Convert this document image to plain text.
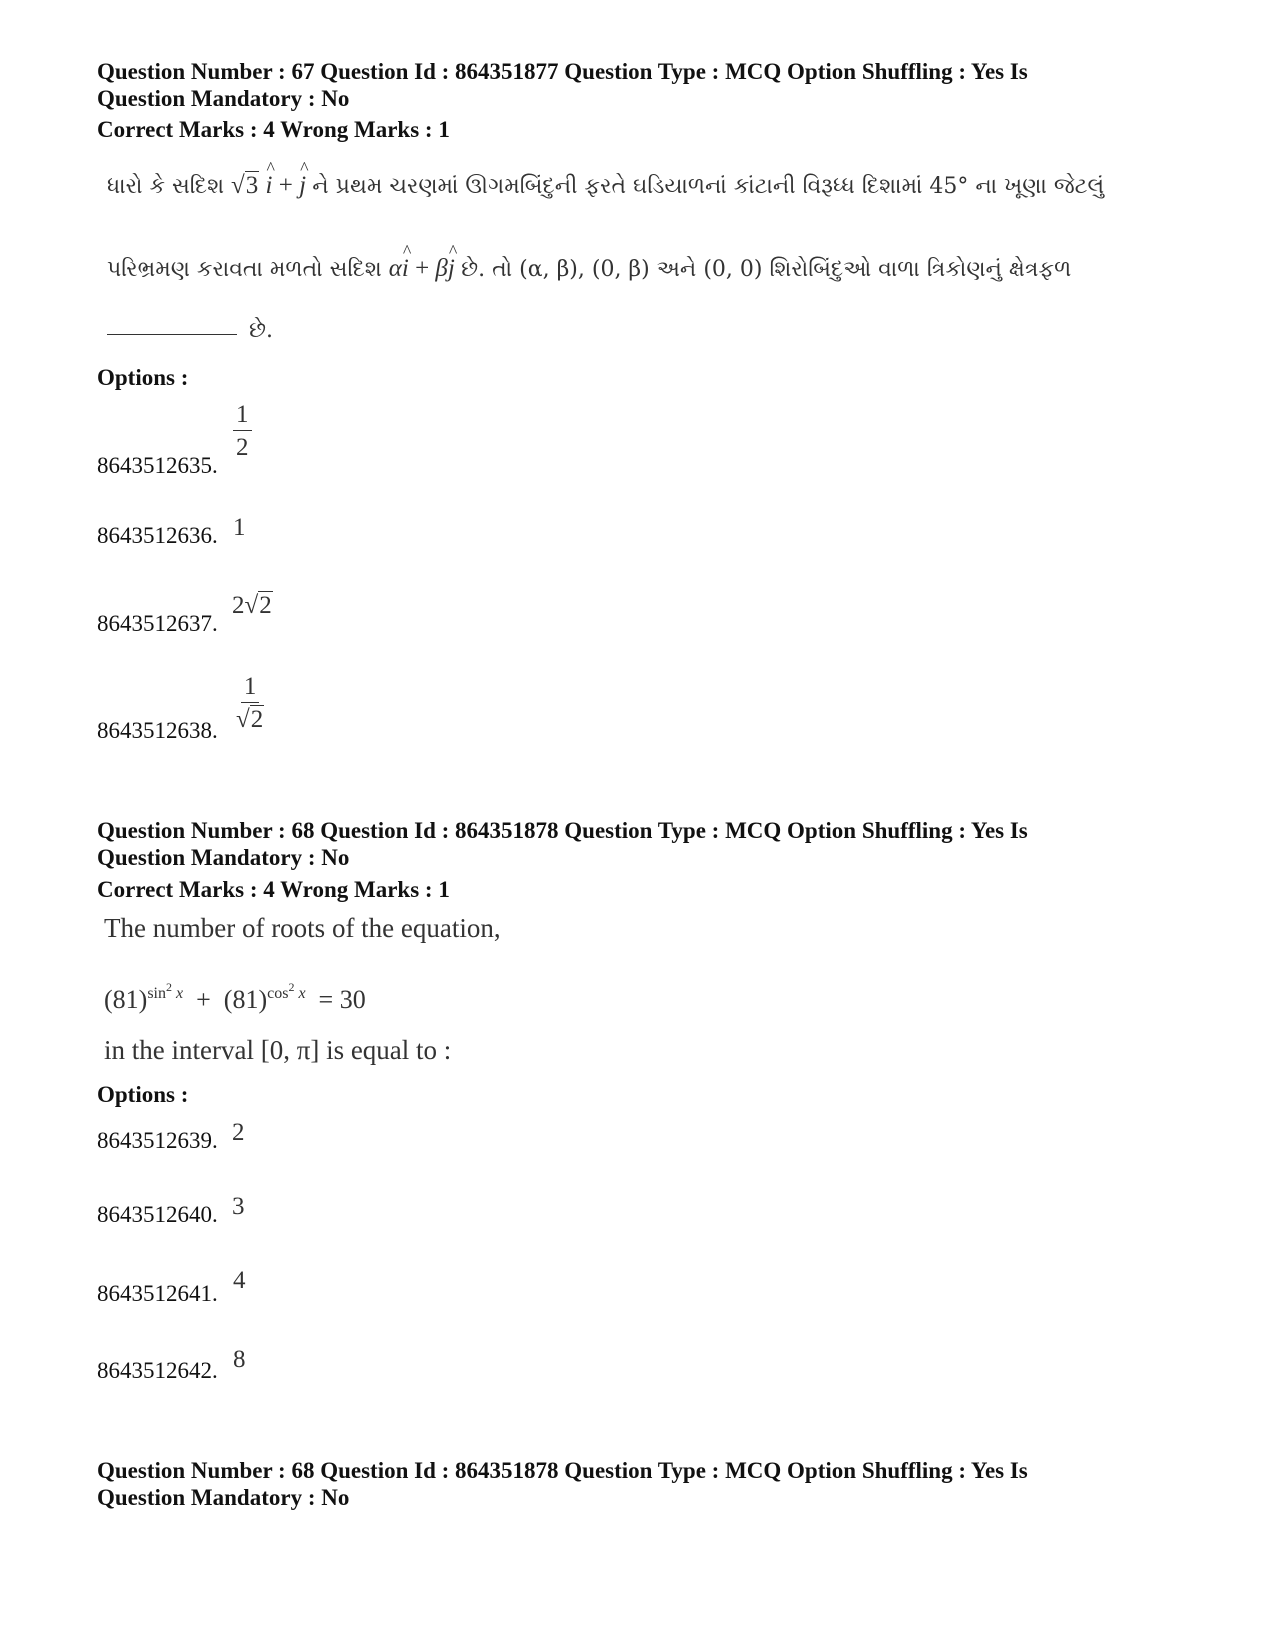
Question Number : 67 Question Id : 864351877 Question Type : MCQ Option Shuffling : Yes Is
Question Mandatory : No
Correct Marks : 4 Wrong Marks : 1
ધારો કે સદિશ √3 ^ i + ^ j ને પ્રથમ ચરણમાં ઊગમબિંદુની ફરતે ઘડિયાળનાં કાંટાની વિરૂધ્ધ દિશામાં 45° ના ખૂણા જેટલું
પરિભ્રમણ કરાવતા મળતો સદિશ α^ i + β^ j છે. તો (α, β), (0, β) અને (0, 0) શિરોબિંદુઓ વાળા ત્રિકોણનું ક્ષેત્રફળ
છે.
Options :
8643512635.
$\frac{1}{2}$
8643512636. 1
8643512637.
2√2
8643512638. $\frac{1}{√2}$
Question Number : 68 Question Id : 864351878 Question Type : MCQ Option Shuffling : Yes Is
Question Mandatory : No
Correct Marks : 4 Wrong Marks : 1
The number of roots of the equation,
$(81)^{sin^2 x} + (81)^{cos^2 x} = 30$
in the interval [0, π] is equal to :
Options :
8643512639. 2
8643512640. 3
8643512641. 4
8643512642. 8
Question Number : 68 Question Id : 864351878 Question Type : MCQ Option Shuffling : Yes Is
Question Mandatory : No
